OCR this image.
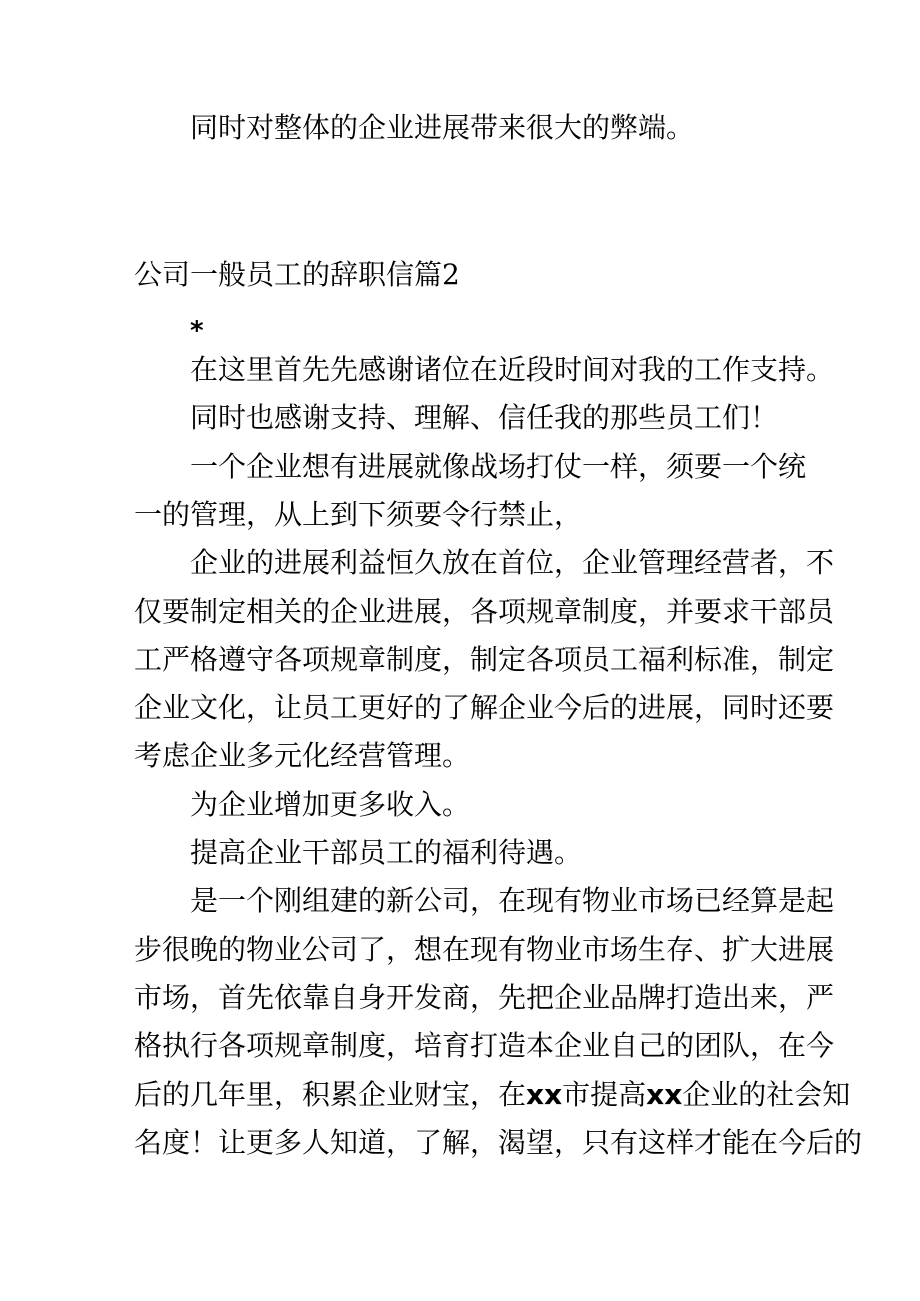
同时对整体的企业进展带来很大的弊端。
公司一般员工的辞职信篇2
*
在这里首先先感谢诸位在近段时间对我的工作支持。
同时也感谢支持、理解、信任我的那些员工们！
一个企业想有进展就像战场打仗一样，须要一个统
一的管理，从上到下须要令行禁止，
企业的进展利益恒久放在首位，企业管理经营者，不
仅要制定相关的企业进展，各项规章制度，并要求干部员
工严格遵守各项规章制度，制定各项员工福利标准，制定
企业文化，让员工更好的了解企业今后的进展，同时还要
考虑企业多元化经营管理。
为企业增加更多收入。
提高企业干部员工的福利待遇。
是一个刚组建的新公司，在现有物业市场已经算是起
步很晚的物业公司了，想在现有物业市场生存、扩大进展
市场，首先依靠自身开发商，先把企业品牌打造出来，严
格执行各项规章制度，培育打造本企业自己的团队，在今
后的几年里，积累企业财宝，在xx市提高xx企业的社会知
名度！让更多人知道，了解，渴望，只有这样才能在今后的
